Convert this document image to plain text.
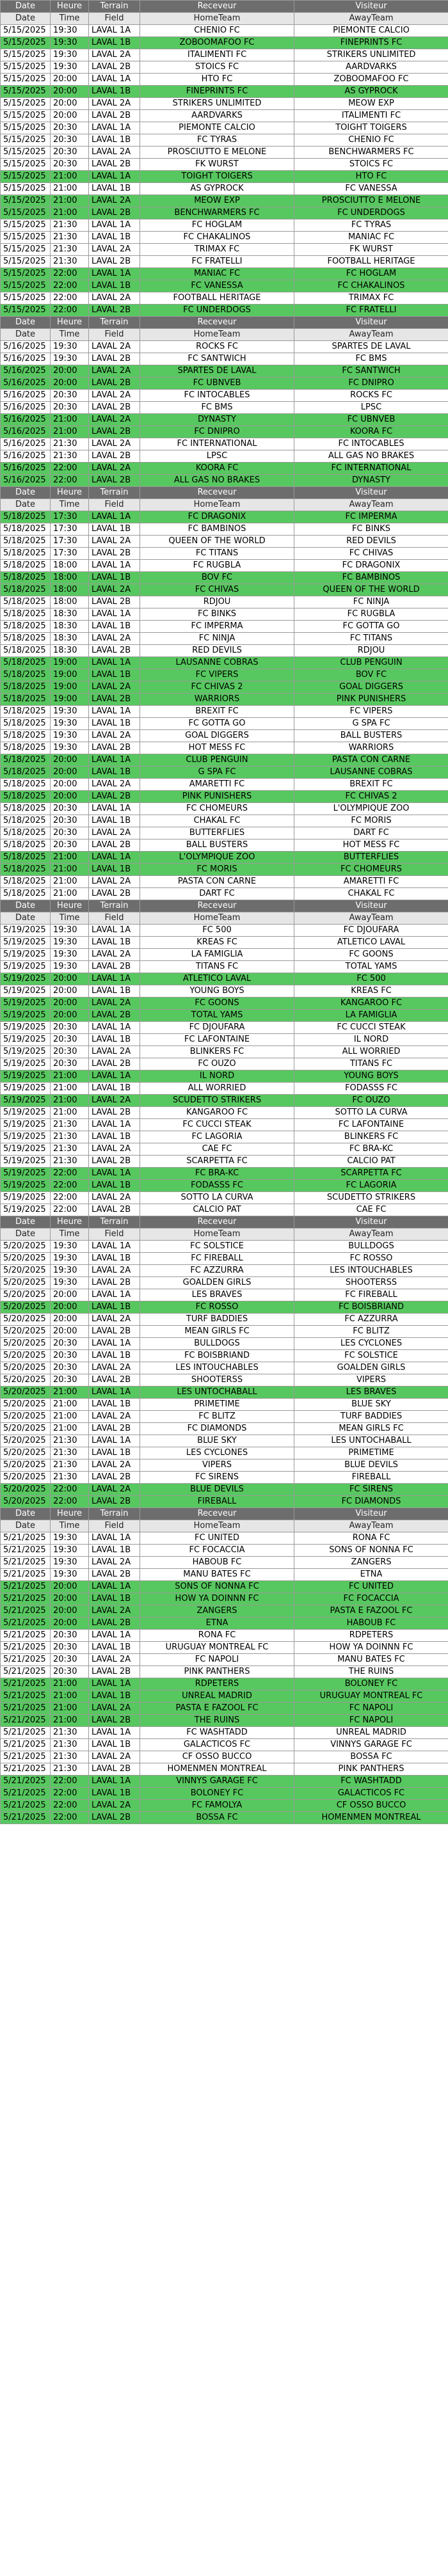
Date	Heure	Terrain	Receveur	Visiteur
Date	Time	Field	HomeTeam	AwayTeam
5/15/2025	19:30	LAVAL 1A	CHENIO FC	PIEMONTE CALCIO
5/15/2025	19:30	LAVAL 1B	ZOBOOMAFOO FC	FINEPRINTS FC
5/15/2025	19:30	LAVAL 2A	ITALIMENTI FC	STRIKERS UNLIMITED
5/15/2025	19:30	LAVAL 2B	STOICS FC	AARDVARKS
5/15/2025	20:00	LAVAL 1A	HTO FC	ZOBOOMAFOO FC
5/15/2025	20:00	LAVAL 1B	FINEPRINTS FC	AS GYPROCK
5/15/2025	20:00	LAVAL 2A	STRIKERS UNLIMITED	MEOW EXP
5/15/2025	20:00	LAVAL 2B	AARDVARKS	ITALIMENTI FC
5/15/2025	20:30	LAVAL 1A	PIEMONTE CALCIO	TOIGHT TOIGERS
5/15/2025	20:30	LAVAL 1B	FC TYRAS	CHENIO FC
5/15/2025	20:30	LAVAL 2A	PROSCIUTTO E MELONE	BENCHWARMERS FC
5/15/2025	20:30	LAVAL 2B	FK WURST	STOICS FC
5/15/2025	21:00	LAVAL 1A	TOIGHT TOIGERS	HTO FC
5/15/2025	21:00	LAVAL 1B	AS GYPROCK	FC VANESSA
5/15/2025	21:00	LAVAL 2A	MEOW EXP	PROSCIUTTO E MELONE
5/15/2025	21:00	LAVAL 2B	BENCHWARMERS FC	FC UNDERDOGS
5/15/2025	21:30	LAVAL 1A	FC HOGLAM	FC TYRAS
5/15/2025	21:30	LAVAL 1B	FC CHAKALINOS	MANIAC FC
5/15/2025	21:30	LAVAL 2A	TRIMAX FC	FK WURST
5/15/2025	21:30	LAVAL 2B	FC FRATELLI	FOOTBALL HERITAGE
5/15/2025	22:00	LAVAL 1A	MANIAC FC	FC HOGLAM
5/15/2025	22:00	LAVAL 1B	FC VANESSA	FC CHAKALINOS
5/15/2025	22:00	LAVAL 2A	FOOTBALL HERITAGE	TRIMAX FC
5/15/2025	22:00	LAVAL 2B	FC UNDERDOGS	FC FRATELLI
Date	Heure	Terrain	Receveur	Visiteur
Date	Time	Field	HomeTeam	AwayTeam
5/16/2025	19:30	LAVAL 2A	ROCKS FC	SPARTES DE LAVAL
5/16/2025	19:30	LAVAL 2B	FC SANTWICH	FC BMS
5/16/2025	20:00	LAVAL 2A	SPARTES DE LAVAL	FC SANTWICH
5/16/2025	20:00	LAVAL 2B	FC UBNVEB	FC DNIPRO
5/16/2025	20:30	LAVAL 2A	FC INTOCABLES	ROCKS FC
5/16/2025	20:30	LAVAL 2B	FC BMS	LPSC
5/16/2025	21:00	LAVAL 2A	DYNASTY	FC UBNVEB
5/16/2025	21:00	LAVAL 2B	FC DNIPRO	KOORA FC
5/16/2025	21:30	LAVAL 2A	FC INTERNATIONAL	FC INTOCABLES
5/16/2025	21:30	LAVAL 2B	LPSC	ALL GAS NO BRAKES
5/16/2025	22:00	LAVAL 2A	KOORA FC	FC INTERNATIONAL
5/16/2025	22:00	LAVAL 2B	ALL GAS NO BRAKES	DYNASTY
Date	Heure	Terrain	Receveur	Visiteur
Date	Time	Field	HomeTeam	AwayTeam
5/18/2025	17:30	LAVAL 1A	FC DRAGONIX	FC IMPERMA
5/18/2025	17:30	LAVAL 1B	FC BAMBINOS	FC BINKS
5/18/2025	17:30	LAVAL 2A	QUEEN OF THE WORLD	RED DEVILS
5/18/2025	17:30	LAVAL 2B	FC TITANS	FC CHIVAS
5/18/2025	18:00	LAVAL 1A	FC RUGBLA	FC DRAGONIX
5/18/2025	18:00	LAVAL 1B	BOV FC	FC BAMBINOS
5/18/2025	18:00	LAVAL 2A	FC CHIVAS	QUEEN OF THE WORLD
5/18/2025	18:00	LAVAL 2B	RDJOU	FC NINJA
5/18/2025	18:30	LAVAL 1A	FC BINKS	FC RUGBLA
5/18/2025	18:30	LAVAL 1B	FC IMPERMA	FC GOTTA GO
5/18/2025	18:30	LAVAL 2A	FC NINJA	FC TITANS
5/18/2025	18:30	LAVAL 2B	RED DEVILS	RDJOU
5/18/2025	19:00	LAVAL 1A	LAUSANNE COBRAS	CLUB PENGUIN
5/18/2025	19:00	LAVAL 1B	FC VIPERS	BOV FC
5/18/2025	19:00	LAVAL 2A	FC CHIVAS 2	GOAL DIGGERS
5/18/2025	19:00	LAVAL 2B	WARRIORS	PINK PUNISHERS
5/18/2025	19:30	LAVAL 1A	BREXIT FC	FC VIPERS
5/18/2025	19:30	LAVAL 1B	FC GOTTA GO	G SPA FC
5/18/2025	19:30	LAVAL 2A	GOAL DIGGERS	BALL BUSTERS
5/18/2025	19:30	LAVAL 2B	HOT MESS FC	WARRIORS
5/18/2025	20:00	LAVAL 1A	CLUB PENGUIN	PASTA CON CARNE
5/18/2025	20:00	LAVAL 1B	G SPA FC	LAUSANNE COBRAS
5/18/2025	20:00	LAVAL 2A	AMARETTI FC	BREXIT FC
5/18/2025	20:00	LAVAL 2B	PINK PUNISHERS	FC CHIVAS 2
5/18/2025	20:30	LAVAL 1A	FC CHOMEURS	L'OLYMPIQUE ZOO
5/18/2025	20:30	LAVAL 1B	CHAKAL FC	FC MORIS
5/18/2025	20:30	LAVAL 2A	BUTTERFLIES	DART FC
5/18/2025	20:30	LAVAL 2B	BALL BUSTERS	HOT MESS FC
5/18/2025	21:00	LAVAL 1A	L'OLYMPIQUE ZOO	BUTTERFLIES
5/18/2025	21:00	LAVAL 1B	FC MORIS	FC CHOMEURS
5/18/2025	21:00	LAVAL 2A	PASTA CON CARNE	AMARETTI FC
5/18/2025	21:00	LAVAL 2B	DART FC	CHAKAL FC
Date	Heure	Terrain	Receveur	Visiteur
Date	Time	Field	HomeTeam	AwayTeam
5/19/2025	19:30	LAVAL 1A	FC 500	FC DJOUFARA
5/19/2025	19:30	LAVAL 1B	KREAS FC	ATLETICO LAVAL
5/19/2025	19:30	LAVAL 2A	LA FAMIGLIA	FC GOONS
5/19/2025	19:30	LAVAL 2B	TITANS FC	TOTAL YAMS
5/19/2025	20:00	LAVAL 1A	ATLETICO LAVAL	FC 500
5/19/2025	20:00	LAVAL 1B	YOUNG BOYS	KREAS FC
5/19/2025	20:00	LAVAL 2A	FC GOONS	KANGAROO FC
5/19/2025	20:00	LAVAL 2B	TOTAL YAMS	LA FAMIGLIA
5/19/2025	20:30	LAVAL 1A	FC DJOUFARA	FC CUCCI STEAK
5/19/2025	20:30	LAVAL 1B	FC LAFONTAINE	IL NORD
5/19/2025	20:30	LAVAL 2A	BLINKERS FC	ALL WORRIED
5/19/2025	20:30	LAVAL 2B	FC OUZO	TITANS FC
5/19/2025	21:00	LAVAL 1A	IL NORD	YOUNG BOYS
5/19/2025	21:00	LAVAL 1B	ALL WORRIED	FODASSS FC
5/19/2025	21:00	LAVAL 2A	SCUDETTO STRIKERS	FC OUZO
5/19/2025	21:00	LAVAL 2B	KANGAROO FC	SOTTO LA CURVA
5/19/2025	21:30	LAVAL 1A	FC CUCCI STEAK	FC LAFONTAINE
5/19/2025	21:30	LAVAL 1B	FC LAGORIA	BLINKERS FC
5/19/2025	21:30	LAVAL 2A	CAE FC	FC BRA-KC
5/19/2025	21:30	LAVAL 2B	SCARPETTA FC	CALCIO PAT
5/19/2025	22:00	LAVAL 1A	FC BRA-KC	SCARPETTA FC
5/19/2025	22:00	LAVAL 1B	FODASSS FC	FC LAGORIA
5/19/2025	22:00	LAVAL 2A	SOTTO LA CURVA	SCUDETTO STRIKERS
5/19/2025	22:00	LAVAL 2B	CALCIO PAT	CAE FC
Date	Heure	Terrain	Receveur	Visiteur
Date	Time	Field	HomeTeam	AwayTeam
5/20/2025	19:30	LAVAL 1A	FC SOLSTICE	BULLDOGS
5/20/2025	19:30	LAVAL 1B	FC FIREBALL	FC ROSSO
5/20/2025	19:30	LAVAL 2A	FC AZZURRA	LES INTOUCHABLES
5/20/2025	19:30	LAVAL 2B	GOALDEN GIRLS	SHOOTERSS
5/20/2025	20:00	LAVAL 1A	LES BRAVES	FC FIREBALL
5/20/2025	20:00	LAVAL 1B	FC ROSSO	FC BOISBRIAND
5/20/2025	20:00	LAVAL 2A	TURF BADDIES	FC AZZURRA
5/20/2025	20:00	LAVAL 2B	MEAN GIRLS FC	FC BLITZ
5/20/2025	20:30	LAVAL 1A	BULLDOGS	LES CYCLONES
5/20/2025	20:30	LAVAL 1B	FC BOISBRIAND	FC SOLSTICE
5/20/2025	20:30	LAVAL 2A	LES INTOUCHABLES	GOALDEN GIRLS
5/20/2025	20:30	LAVAL 2B	SHOOTERSS	VIPERS
5/20/2025	21:00	LAVAL 1A	LES UNTOCHABALL	LES BRAVES
5/20/2025	21:00	LAVAL 1B	PRIMETIME	BLUE SKY
5/20/2025	21:00	LAVAL 2A	FC BLITZ	TURF BADDIES
5/20/2025	21:00	LAVAL 2B	FC DIAMONDS	MEAN GIRLS FC
5/20/2025	21:30	LAVAL 1A	BLUE SKY	LES UNTOCHABALL
5/20/2025	21:30	LAVAL 1B	LES CYCLONES	PRIMETIME
5/20/2025	21:30	LAVAL 2A	VIPERS	BLUE DEVILS
5/20/2025	21:30	LAVAL 2B	FC SIRENS	FIREBALL
5/20/2025	22:00	LAVAL 2A	BLUE DEVILS	FC SIRENS
5/20/2025	22:00	LAVAL 2B	FIREBALL	FC DIAMONDS
Date	Heure	Terrain	Receveur	Visiteur
Date	Time	Field	HomeTeam	AwayTeam
5/21/2025	19:30	LAVAL 1A	FC UNITED	RONA FC
5/21/2025	19:30	LAVAL 1B	FC FOCACCIA	SONS OF NONNA FC
5/21/2025	19:30	LAVAL 2A	HABOUB FC	ZANGERS
5/21/2025	19:30	LAVAL 2B	MANU BATES FC	ETNA
5/21/2025	20:00	LAVAL 1A	SONS OF NONNA FC	FC UNITED
5/21/2025	20:00	LAVAL 1B	HOW YA DOINNN FC	FC FOCACCIA
5/21/2025	20:00	LAVAL 2A	ZANGERS	PASTA E FAZOOL FC
5/21/2025	20:00	LAVAL 2B	ETNA	HABOUB FC
5/21/2025	20:30	LAVAL 1A	RONA FC	RDPETERS
5/21/2025	20:30	LAVAL 1B	URUGUAY MONTREAL FC	HOW YA DOINNN FC
5/21/2025	20:30	LAVAL 2A	FC NAPOLI	MANU BATES FC
5/21/2025	20:30	LAVAL 2B	PINK PANTHERS	THE RUINS
5/21/2025	21:00	LAVAL 1A	RDPETERS	BOLONEY FC
5/21/2025	21:00	LAVAL 1B	UNREAL MADRID	URUGUAY MONTREAL FC
5/21/2025	21:00	LAVAL 2A	PASTA E FAZOOL FC	FC NAPOLI
5/21/2025	21:00	LAVAL 2B	THE RUINS	FC NAPOLI
5/21/2025	21:30	LAVAL 1A	FC WASHTADD	UNREAL MADRID
5/21/2025	21:30	LAVAL 1B	GALACTICOS FC	VINNYS GARAGE FC
5/21/2025	21:30	LAVAL 2A	CF OSSO BUCCO	BOSSA FC
5/21/2025	21:30	LAVAL 2B	HOMENMEN MONTREAL	PINK PANTHERS
5/21/2025	22:00	LAVAL 1A	VINNYS GARAGE FC	FC WASHTADD
5/21/2025	22:00	LAVAL 1B	BOLONEY FC	GALACTICOS FC
5/21/2025	22:00	LAVAL 2A	FC FAMOLYA	CF OSSO BUCCO
5/21/2025	22:00	LAVAL 2B	BOSSA FC	HOMENMEN MONTREAL
